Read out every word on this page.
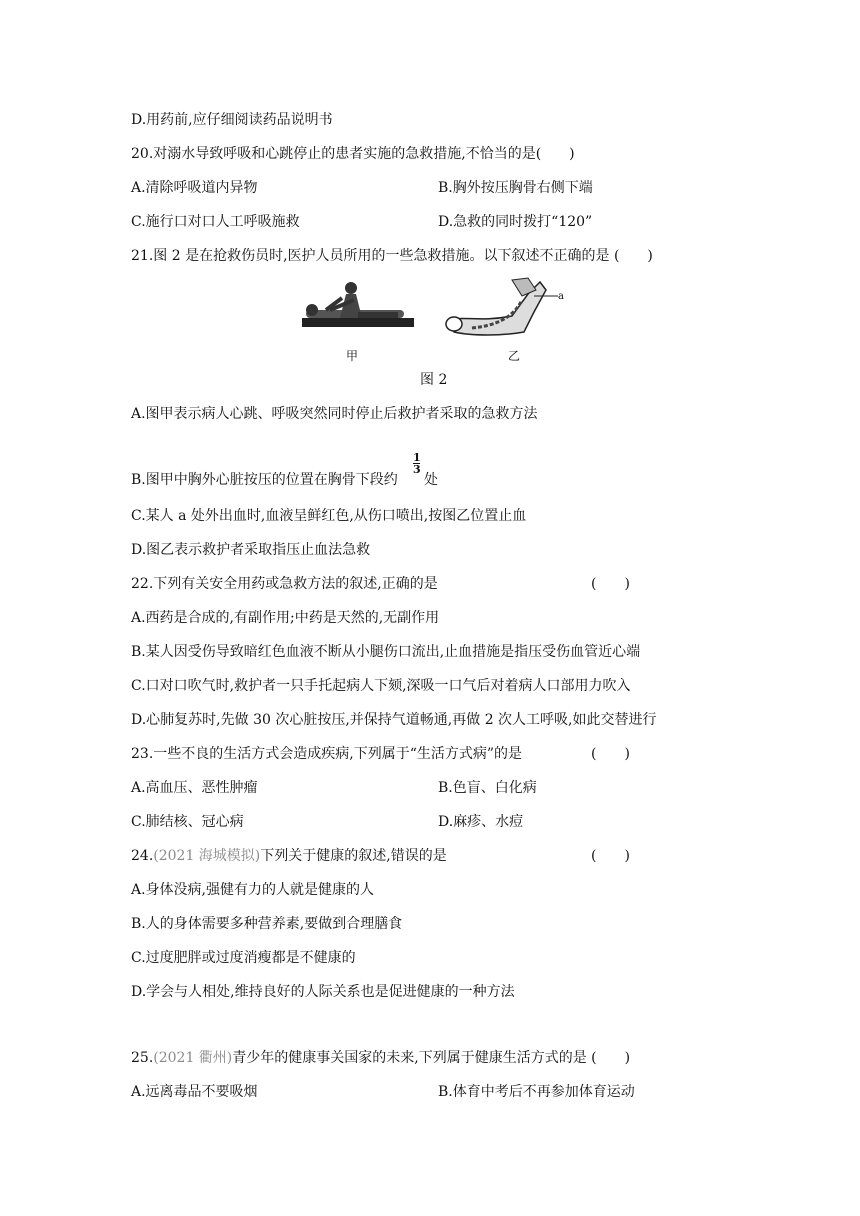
D.用药前,应仔细阅读药品说明书
20.对溺水导致呼吸和心跳停止的患者实施的急救措施,不恰当的是(　　)
A.清除呼吸道内异物	B.胸外按压胸骨右侧下端
C.施行口对口人工呼吸施救	D.急救的同时拨打“120”
21.图 2 是在抢救伤员时,医护人员所用的一些急救措施。以下叙述不正确的是 (　　)
甲
a
乙
图 2
A.图甲表示病人心跳、呼吸突然同时停止后救护者采取的急救方法
B.图甲中胸外心脏按压的位置在胸骨下段约
1
3
处
C.某人 a 处外出血时,血液呈鲜红色,从伤口喷出,按图乙位置止血
D.图乙表示救护者采取指压止血法急救
22.下列有关安全用药或急救方法的叙述,正确的是	(　　)
A.西药是合成的,有副作用;中药是天然的,无副作用
B.某人因受伤导致暗红色血液不断从小腿伤口流出,止血措施是指压受伤血管近心端
C.口对口吹气时,救护者一只手托起病人下颏,深吸一口气后对着病人口部用力吹入
D.心肺复苏时,先做 30 次心脏按压,并保持气道畅通,再做 2 次人工呼吸,如此交替进行
23.一些不良的生活方式会造成疾病,下列属于“生活方式病”的是	(　　)
A.高血压、恶性肿瘤	B.色盲、白化病
C.肺结核、冠心病	D.麻疹、水痘
24.(2021 海城模拟)下列关于健康的叙述,错误的是	(　　)
A.身体没病,强健有力的人就是健康的人
B.人的身体需要多种营养素,要做到合理膳食
C.过度肥胖或过度消瘦都是不健康的
D.学会与人相处,维持良好的人际关系也是促进健康的一种方法
25.(2021 衢州)青少年的健康事关国家的未来,下列属于健康生活方式的是 (　　)
A.远离毒品不要吸烟	B.体育中考后不再参加体育运动
